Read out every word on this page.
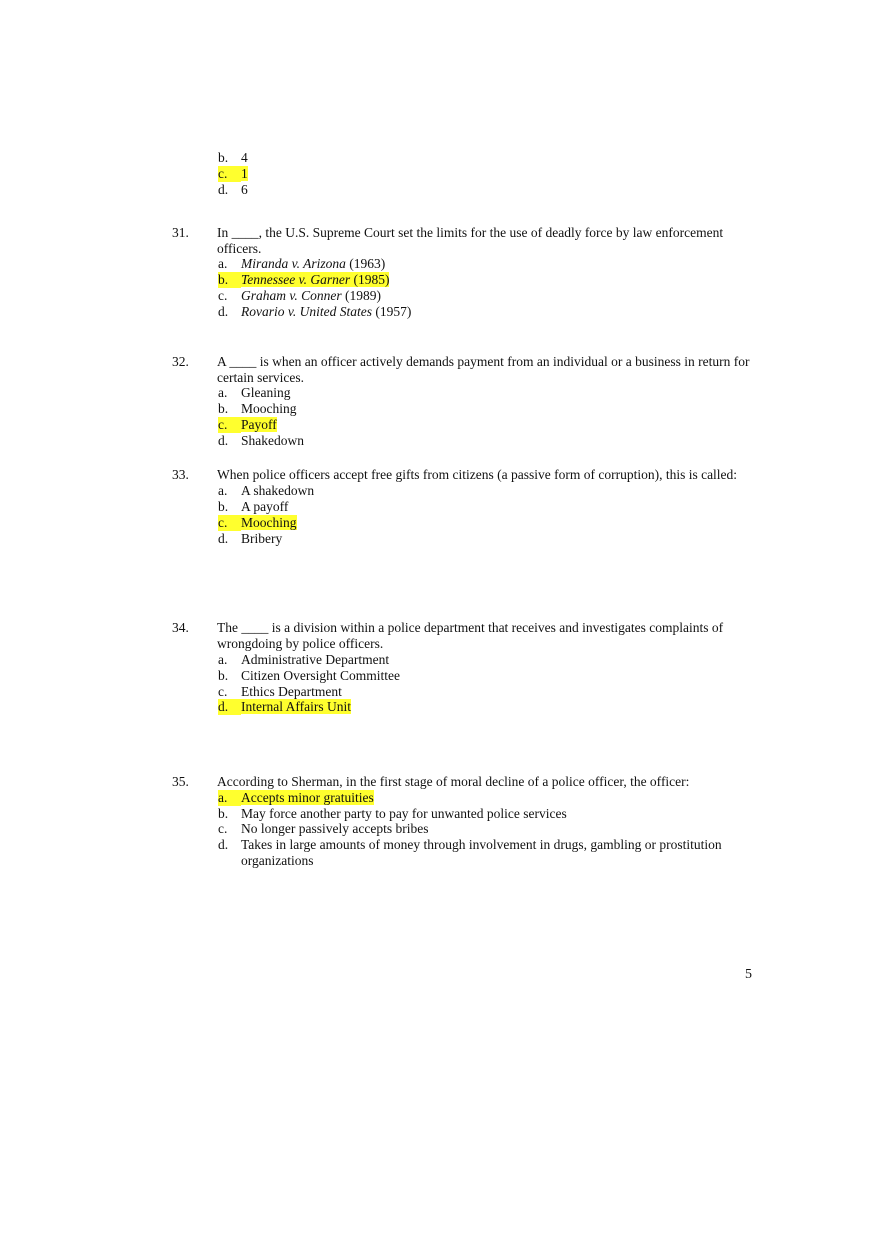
b. 4
c. 1
d. 6
31. In ____, the U.S. Supreme Court set the limits for the use of deadly force by law enforcement officers.
a. Miranda v. Arizona (1963)
b. Tennessee v. Garner (1985)
c. Graham v. Conner (1989)
d. Rovario v. United States (1957)
32. A ____ is when an officer actively demands payment from an individual or a business in return for certain services.
a. Gleaning
b. Mooching
c. Payoff
d. Shakedown
33. When police officers accept free gifts from citizens (a passive form of corruption), this is called:
a. A shakedown
b. A payoff
c. Mooching
d. Bribery
34. The ____ is a division within a police department that receives and investigates complaints of wrongdoing by police officers.
a. Administrative Department
b. Citizen Oversight Committee
c. Ethics Department
d. Internal Affairs Unit
35. According to Sherman, in the first stage of moral decline of a police officer, the officer:
a. Accepts minor gratuities
b. May force another party to pay for unwanted police services
c. No longer passively accepts bribes
d. Takes in large amounts of money through involvement in drugs, gambling or prostitution
organizations
5
